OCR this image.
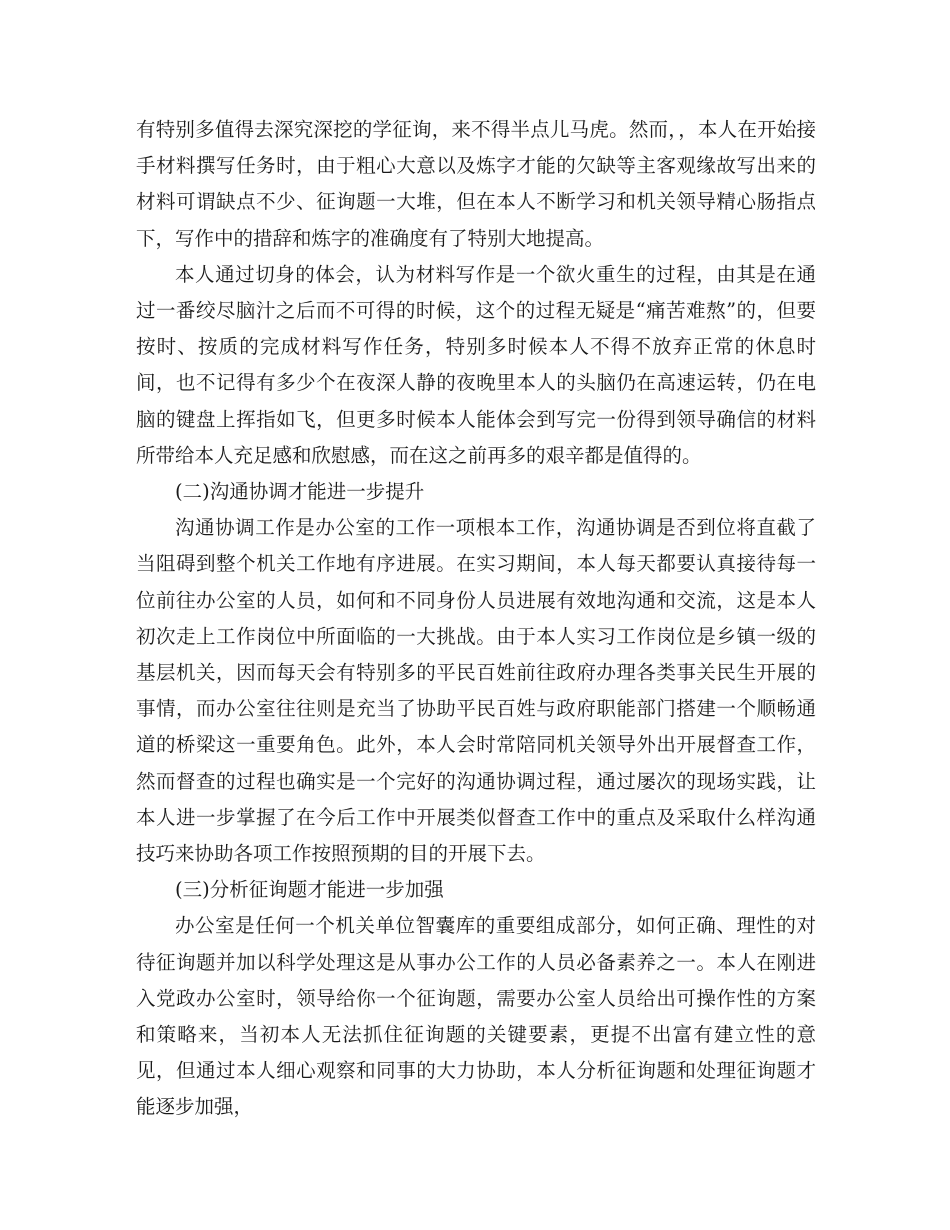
有特别多值得去深究深挖的学征询，来不得半点儿马虎。然而，，本人在开始接手材料撰写任务时，由于粗心大意以及炼字才能的欠缺等主客观缘故写出来的材料可谓缺点不少、征询题一大堆，但在本人不断学习和机关领导精心肠指点下，写作中的措辞和炼字的准确度有了特别大地提高。

本人通过切身的体会，认为材料写作是一个欲火重生的过程，由其是在通过一番绞尽脑汁之后而不可得的时候，这个的过程无疑是“痛苦难熬”的，但要按时、按质的完成材料写作任务，特别多时候本人不得不放弃正常的休息时间，也不记得有多少个在夜深人静的夜晚里本人的头脑仍在高速运转，仍在电脑的键盘上挥指如飞，但更多时候本人能体会到写完一份得到领导确信的材料所带给本人充足感和欣慰感，而在这之前再多的艰辛都是值得的。

(二)沟通协调才能进一步提升

沟通协调工作是办公室的工作一项根本工作，沟通协调是否到位将直截了当阻碍到整个机关工作地有序进展。在实习期间，本人每天都要认真接待每一位前往办公室的人员，如何和不同身份人员进展有效地沟通和交流，这是本人初次走上工作岗位中所面临的一大挑战。由于本人实习工作岗位是乡镇一级的基层机关，因而每天会有特别多的平民百姓前往政府办理各类事关民生开展的事情，而办公室往往则是充当了协助平民百姓与政府职能部门搭建一个顺畅通道的桥梁这一重要角色。此外，本人会时常陪同机关领导外出开展督查工作，然而督查的过程也确实是一个完好的沟通协调过程，通过屡次的现场实践，让本人进一步掌握了在今后工作中开展类似督查工作中的重点及采取什么样沟通技巧来协助各项工作按照预期的目的开展下去。

(三)分析征询题才能进一步加强

办公室是任何一个机关单位智囊库的重要组成部分，如何正确、理性的对待征询题并加以科学处理这是从事办公工作的人员必备素养之一。本人在刚进入党政办公室时，领导给你一个征询题，需要办公室人员给出可操作性的方案和策略来，当初本人无法抓住征询题的关键要素，更提不出富有建立性的意见，但通过本人细心观察和同事的大力协助，本人分析征询题和处理征询题才能逐步加强，
